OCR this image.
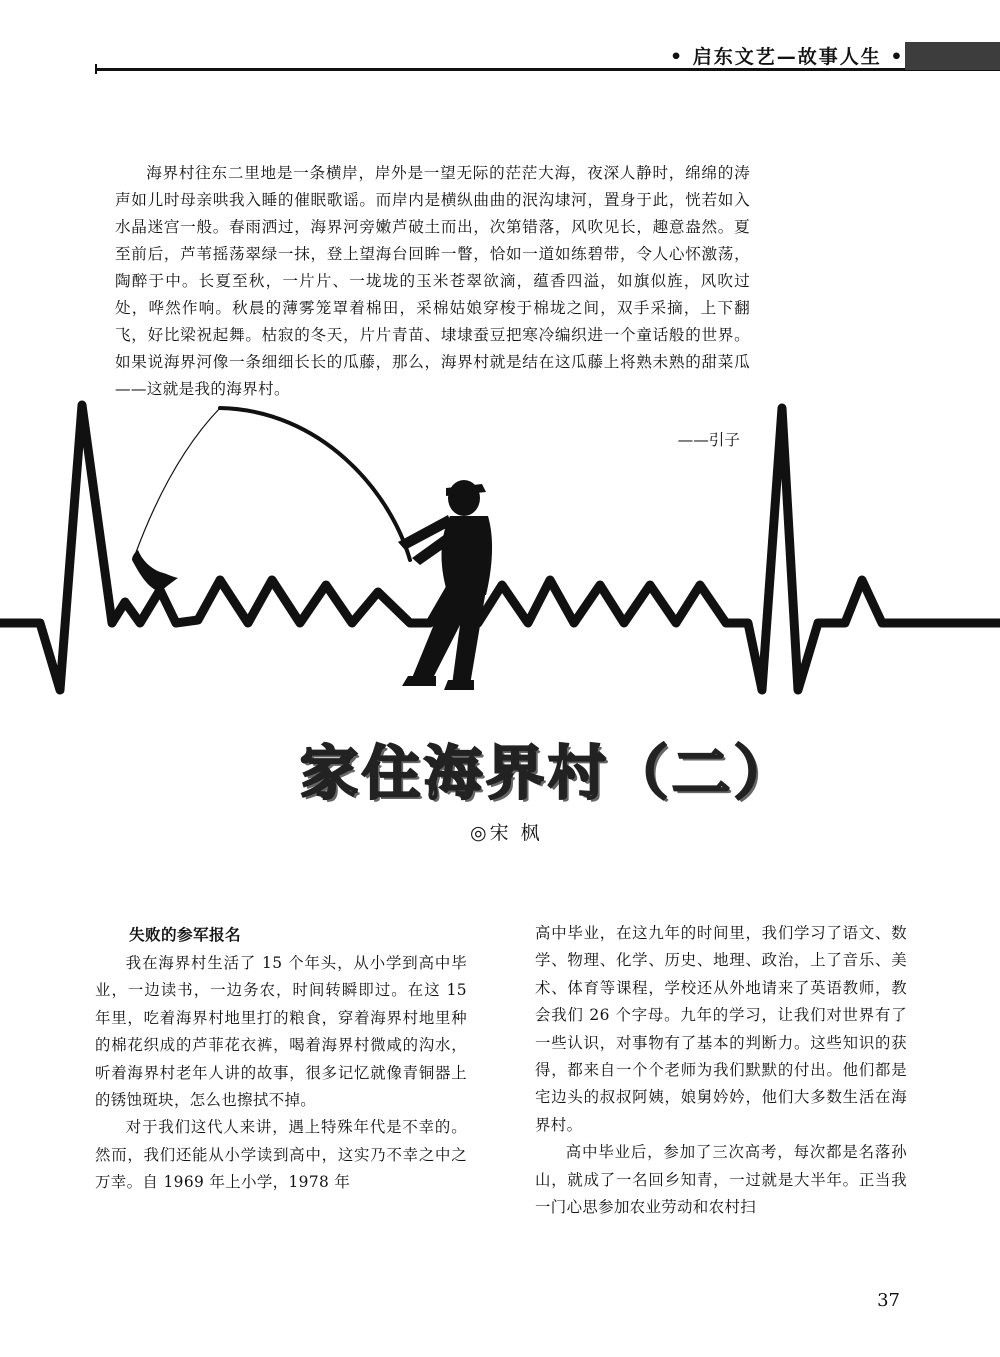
• 启东文艺—故事人生 •

海界村往东二里地是一条横岸，岸外是一望无际的茫茫大海，夜深人静时，绵绵的涛声如儿时母亲哄我入睡的催眠歌谣。而岸内是横纵曲曲的泯沟埭河，置身于此，恍若如入水晶迷宫一般。春雨洒过，海界河旁嫩芦破土而出，次第错落，风吹见长，趣意盎然。夏至前后，芦苇摇荡翠绿一抹，登上望海台回眸一瞥，恰如一道如练碧带，令人心怀激荡，陶醉于中。长夏至秋，一片片、一垅垅的玉米苍翠欲滴，蕴香四溢，如旗似旌，风吹过处，哗然作响。秋晨的薄雾笼罩着棉田，采棉姑娘穿梭于棉垅之间，双手采摘，上下翻飞，好比梁祝起舞。枯寂的冬天，片片青苗、埭埭蚕豆把寒冷编织进一个童话般的世界。如果说海界河像一条细细长长的瓜藤，那么，海界村就是结在这瓜藤上将熟未熟的甜菜瓜——这就是我的海界村。

——引子
家住海界村（二）
◎宋 枫
失败的参军报名

我在海界村生活了 15 个年头，从小学到高中毕业，一边读书，一边务农，时间转瞬即过。在这 15 年里，吃着海界村地里打的粮食，穿着海界村地里种的棉花织成的芦菲花衣裤，喝着海界村微咸的沟水，听着海界村老年人讲的故事，很多记忆就像青铜器上的锈蚀斑块，怎么也擦拭不掉。

对于我们这代人来讲，遇上特殊年代是不幸的。然而，我们还能从小学读到高中，这实乃不幸之中之万幸。自 1969 年上小学，1978 年

高中毕业，在这九年的时间里，我们学习了语文、数学、物理、化学、历史、地理、政治，上了音乐、美术、体育等课程，学校还从外地请来了英语教师，教会我们 26 个字母。九年的学习，让我们对世界有了一些认识，对事物有了基本的判断力。这些知识的获得，都来自一个个老师为我们默默的付出。他们都是宅边头的叔叔阿姨，娘舅妗妗，他们大多数生活在海界村。

高中毕业后，参加了三次高考，每次都是名落孙山，就成了一名回乡知青，一过就是大半年。正当我一门心思参加农业劳动和农村扫

37
